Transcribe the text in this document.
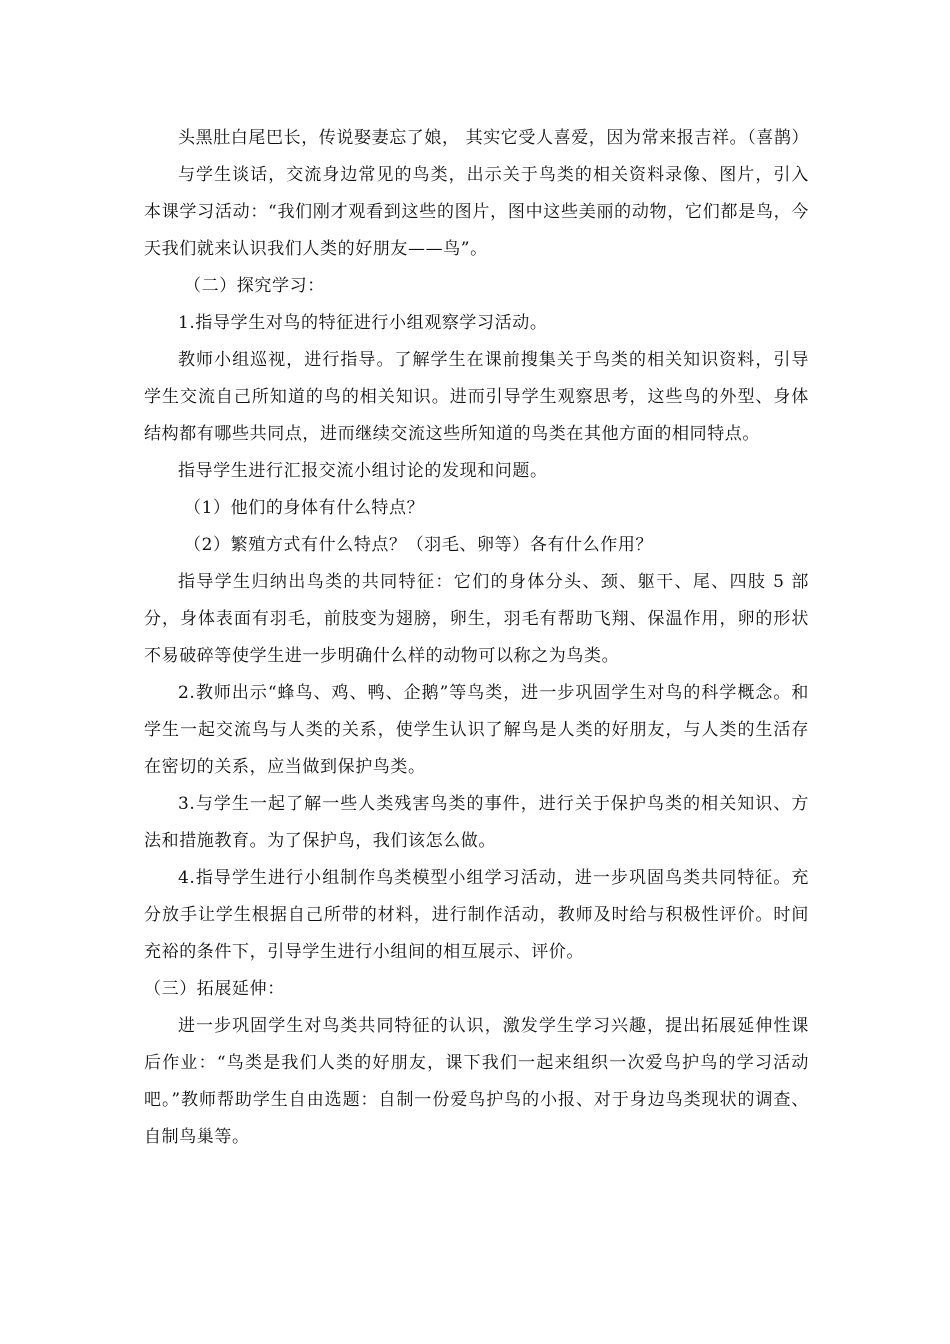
头黑肚白尾巴长，传说娶妻忘了娘， 其实它受人喜爱，因为常来报吉祥。（喜鹊）

与学生谈话，交流身边常见的鸟类，出示关于鸟类的相关资料录像、图片，引入本课学习活动：“我们刚才观看到这些的图片，图中这些美丽的动物，它们都是鸟，今天我们就来认识我们人类的好朋友——鸟”。

（二）探究学习：

1.指导学生对鸟的特征进行小组观察学习活动。

教师小组巡视，进行指导。了解学生在课前搜集关于鸟类的相关知识资料，引导学生交流自己所知道的鸟的相关知识。进而引导学生观察思考，这些鸟的外型、身体结构都有哪些共同点，进而继续交流这些所知道的鸟类在其他方面的相同特点。

指导学生进行汇报交流小组讨论的发现和问题。

（1）他们的身体有什么特点？

（2）繁殖方式有什么特点？（羽毛、卵等）各有什么作用？

指导学生归纳出鸟类的共同特征：它们的身体分头、颈、躯干、尾、四肢 5 部分，身体表面有羽毛，前肢变为翅膀，卵生，羽毛有帮助飞翔、保温作用，卵的形状不易破碎等使学生进一步明确什么样的动物可以称之为鸟类。

2.教师出示“蜂鸟、鸡、鸭、企鹅”等鸟类，进一步巩固学生对鸟的科学概念。和学生一起交流鸟与人类的关系，使学生认识了解鸟是人类的好朋友，与人类的生活存在密切的关系，应当做到保护鸟类。

3.与学生一起了解一些人类残害鸟类的事件，进行关于保护鸟类的相关知识、方法和措施教育。为了保护鸟，我们该怎么做。

4.指导学生进行小组制作鸟类模型小组学习活动，进一步巩固鸟类共同特征。充分放手让学生根据自己所带的材料，进行制作活动，教师及时给与积极性评价。时间充裕的条件下，引导学生进行小组间的相互展示、评价。

（三）拓展延伸：

进一步巩固学生对鸟类共同特征的认识，激发学生学习兴趣，提出拓展延伸性课后作业：“鸟类是我们人类的好朋友，课下我们一起来组织一次爱鸟护鸟的学习活动吧。”教师帮助学生自由选题：自制一份爱鸟护鸟的小报、对于身边鸟类现状的调查、自制鸟巢等。
